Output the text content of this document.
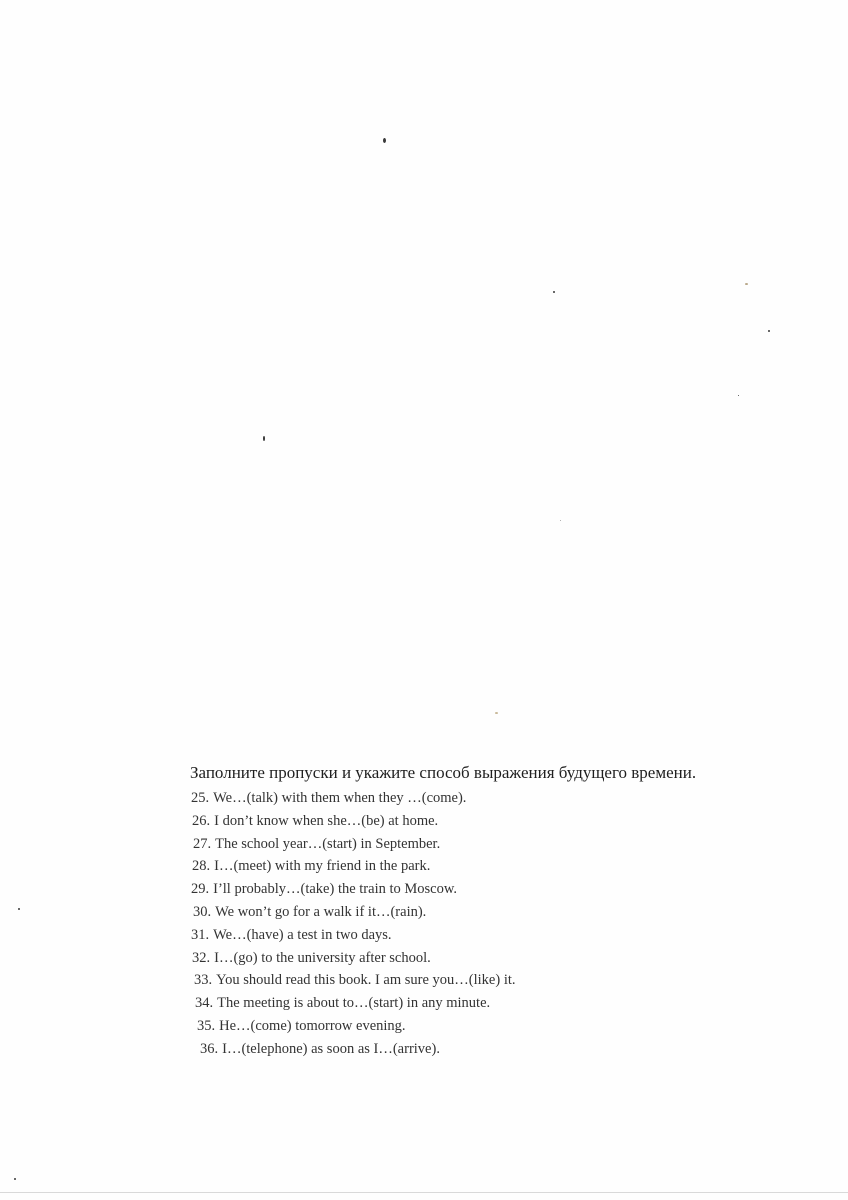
Заполните пропуски и укажите способ выражения будущего времени.

25. We…(talk) with them when they …(come).
26. I don’t know when she…(be) at home.
27. The school year…(start) in September.
28. I…(meet) with my friend in the park.
29. I’ll probably…(take) the train to Moscow.
30. We won’t go for a walk if it…(rain).
31. We…(have) a test in two days.
32. I…(go) to the university after school.
33. You should read this book. I am sure you…(like) it.
34. The meeting is about to…(start) in any minute.
35. He…(come) tomorrow evening.
36. I…(telephone) as soon as I…(arrive).
